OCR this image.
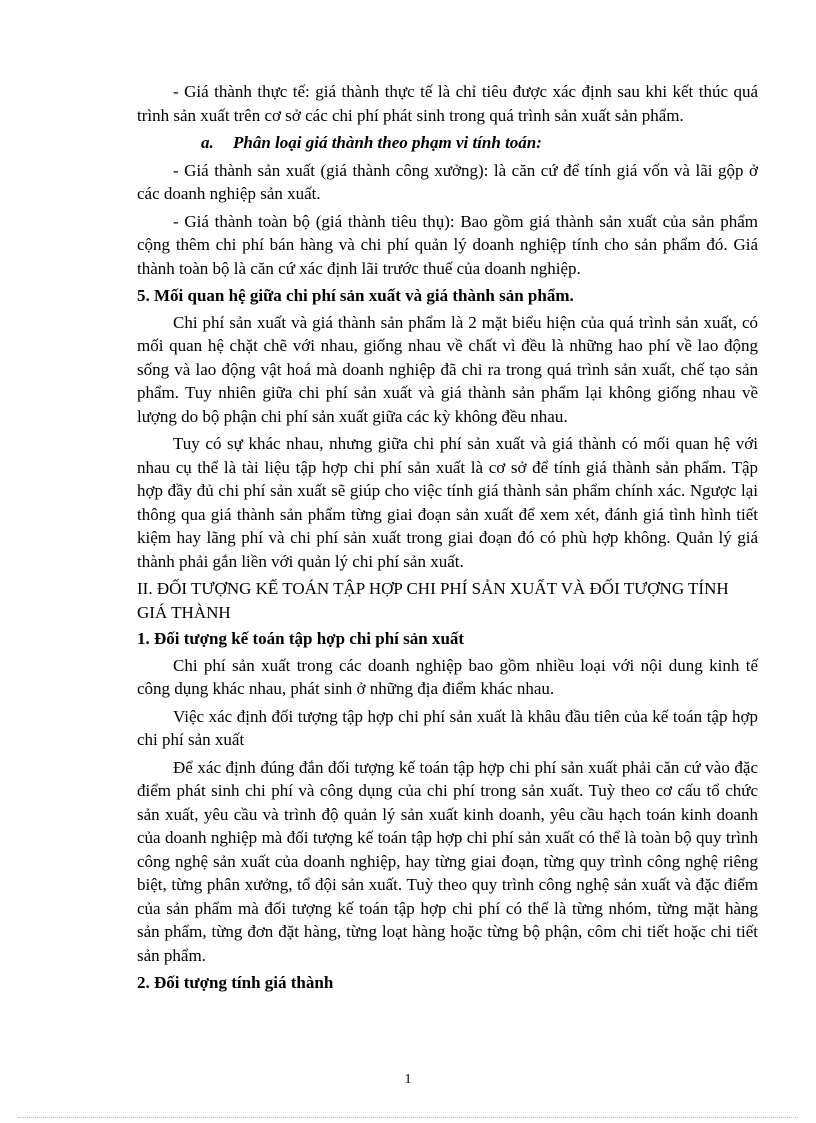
- Giá thành thực tế: giá thành thực tế là chỉ tiêu được xác định sau khi kết thúc quá trình sản xuất trên cơ sở các chi phí phát sinh trong quá trình sản xuất sản phẩm.

a. Phân loại giá thành theo phạm vi tính toán:

- Giá thành sản xuất (giá thành công xưởng): là căn cứ để tính giá vốn và lãi gộp ở các doanh nghiệp sản xuất.

- Giá thành toàn bộ (giá thành tiêu thụ): Bao gồm giá thành sản xuất của sản phẩm cộng thêm chi phí bán hàng và chi phí quản lý doanh nghiệp tính cho sản phẩm đó. Giá thành toàn bộ là căn cứ xác định lãi trước thuế của doanh nghiệp.

5. Mối quan hệ giữa chi phí sản xuất và giá thành sản phẩm.

Chi phí sản xuất và giá thành sản phẩm là 2 mặt biểu hiện của quá trình sản xuất, có mối quan hệ chặt chẽ với nhau, giống nhau về chất vì đều là những hao phí về lao động sống và lao động vật hoá mà doanh nghiệp đã chi ra trong quá trình sản xuất, chế tạo sản phẩm. Tuy nhiên giữa chi phí sản xuất và giá thành sản phẩm lại không giống nhau về lượng do bộ phận chi phí sản xuất giữa các kỳ không đều nhau.

Tuy có sự khác nhau, nhưng giữa chi phí sản xuất và giá thành có mối quan hệ với nhau cụ thể là tài liệu tập hợp chi phí sản xuất là cơ sở để tính giá thành sản phẩm. Tập hợp đầy đủ chi phí sản xuất sẽ giúp cho việc tính giá thành sản phẩm chính xác. Ngược lại thông qua giá thành sản phẩm từng giai đoạn sản xuất để xem xét, đánh giá tình hình tiết kiệm hay lãng phí và chi phí sản xuất trong giai đoạn đó có phù hợp không. Quản lý giá thành phải gắn liền với quản lý chi phí sản xuất.

II. ĐỐI TƯỢNG KẾ TOÁN TẬP HỢP CHI PHÍ SẢN XUẤT VÀ ĐỐI TƯỢNG TÍNH GIÁ THÀNH

1. Đối tượng kế toán tập hợp chi phí sản xuất

Chi phí sản xuất trong các doanh nghiệp bao gồm nhiều loại với nội dung kinh tế công dụng khác nhau, phát sinh ở những địa điểm khác nhau.

Việc xác định đối tượng tập hợp chi phí sản xuất là khâu đầu tiên của kế toán tập hợp chi phí sản xuất

Để xác định đúng đắn đối tượng kế toán tập hợp chi phí sản xuất phải căn cứ vào đặc điểm phát sinh chi phí và công dụng của chi phí trong sản xuất. Tuỳ theo cơ cấu tổ chức sản xuất, yêu cầu và trình độ quản lý sản xuất kinh doanh, yêu cầu hạch toán kinh doanh của doanh nghiệp mà đối tượng kế toán tập hợp chi phí sản xuất có thể là toàn bộ quy trình công nghệ sản xuất của doanh nghiệp, hay từng giai đoạn, từng quy trình công nghệ riêng biệt, từng phân xưởng, tổ đội sản xuất. Tuỳ theo quy trình công nghệ sản xuất và đặc điểm của sản phẩm mà đối tượng kế toán tập hợp chi phí có thể là từng nhóm, từng mặt hàng sản phẩm, từng đơn đặt hàng, từng loạt hàng hoặc từng bộ phận, côm chi tiết hoặc chi tiết sản phẩm.

2. Đối tượng tính giá thành

1
